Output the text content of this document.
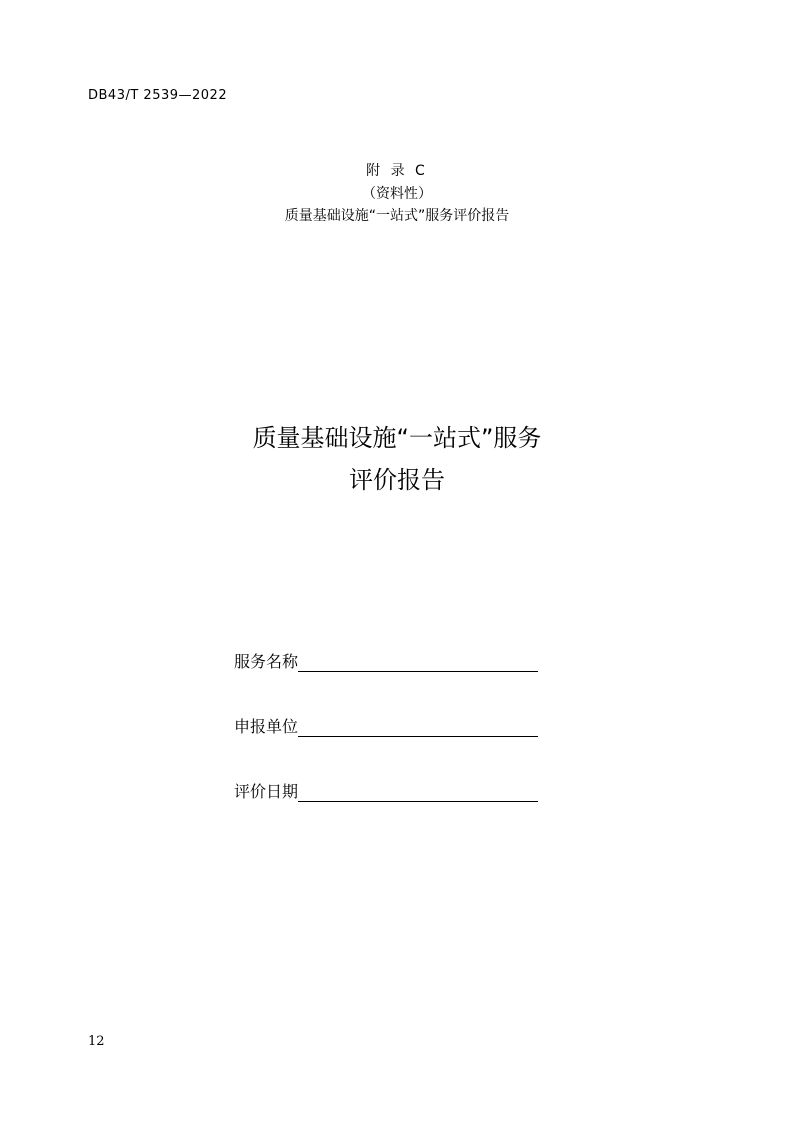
DB43/T 2539—2022
附 录 C
（资料性）
质量基础设施“一站式”服务评价报告
质量基础设施“一站式”服务
评价报告
服务名称
申报单位
评价日期
12
